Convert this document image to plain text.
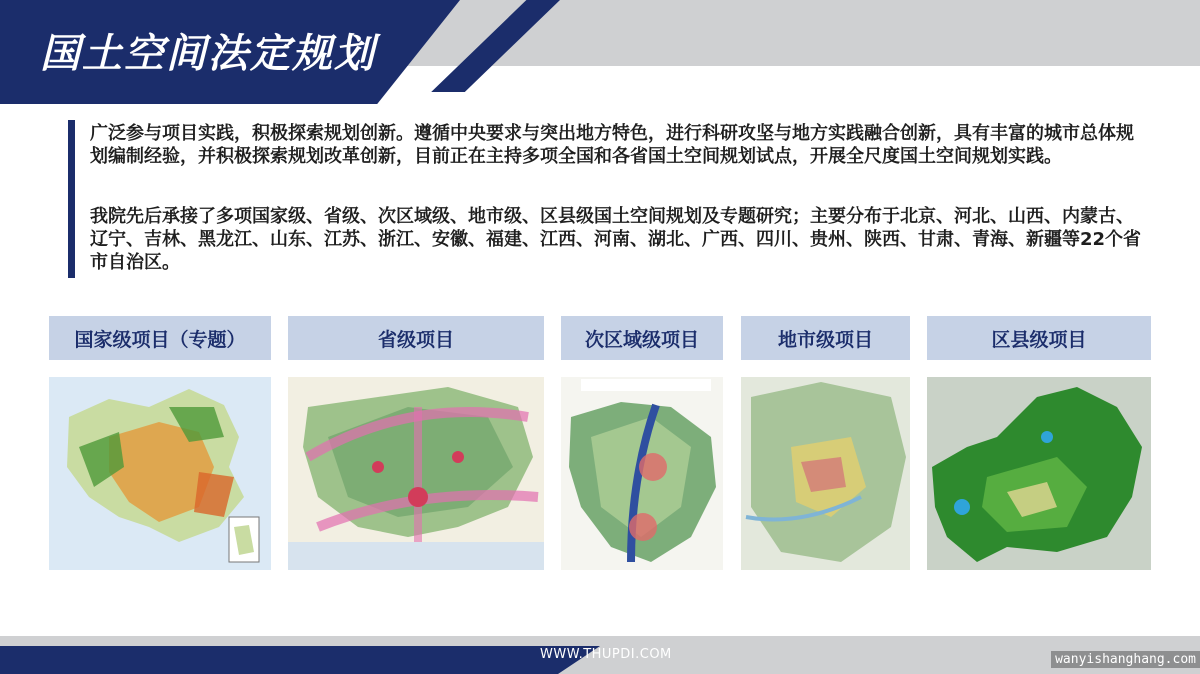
国土空间法定规划

广泛参与项目实践，积极探索规划创新。遵循中央要求与突出地方特色，进行科研攻坚与地方实践融合创新，具有丰富的城市总体规划编制经验，并积极探索规划改革创新，目前正在主持多项全国和各省国土空间规划试点，开展全尺度国土空间规划实践。

我院先后承接了多项国家级、省级、次区域级、地市级、区县级国土空间规划及专题研究；主要分布于北京、河北、山西、内蒙古、辽宁、吉林、黑龙江、山东、江苏、浙江、安徽、福建、江西、河南、湖北、广西、四川、贵州、陕西、甘肃、青海、新疆等22个省市自治区。

国家级项目（专题）	省级项目	次区域级项目	地市级项目	区县级项目
WWW.THUPDI.COM	wanyishanghang.com
